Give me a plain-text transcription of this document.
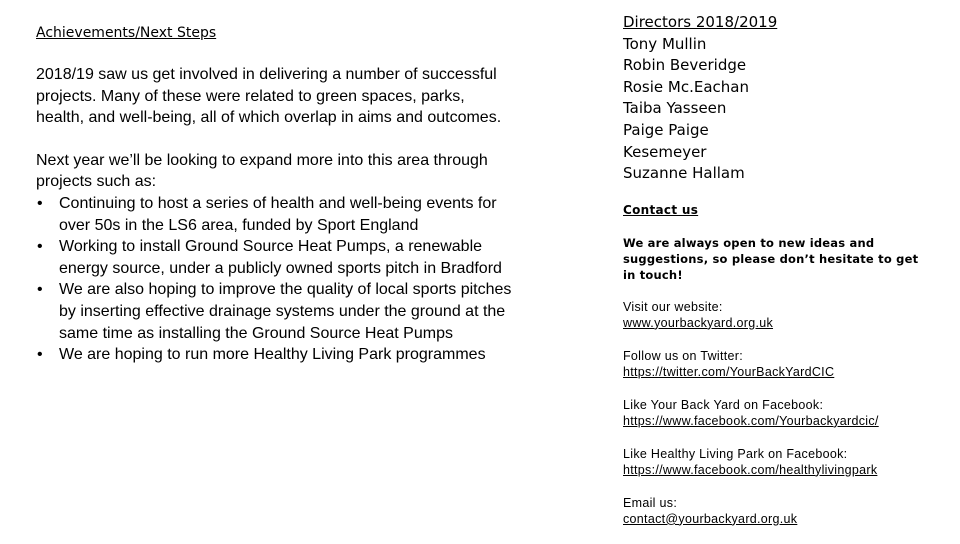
Achievements/Next Steps

2018/19 saw us get involved in delivering a number of successful projects. Many of these were related to green spaces, parks, health, and well-being, all of which overlap in aims and outcomes.

Next year we’ll be looking to expand more into this area through projects such as:

• Continuing to host a series of health and well-being events for over 50s in the LS6 area, funded by Sport England
• Working to install Ground Source Heat Pumps, a renewable energy source, under a publicly owned sports pitch in Bradford
• We are also hoping to improve the quality of local sports pitches by inserting effective drainage systems under the ground at the same time as installing the Ground Source Heat Pumps
• We are hoping to run more Healthy Living Park programmes
Directors 2018/2019
Tony Mullin
Robin Beveridge
Rosie Mc.Eachan
Taiba Yasseen
Paige Paige
Kesemeyer
Suzanne Hallam
Contact us
We are always open to new ideas and suggestions, so please don’t hesitate to get in touch!
Visit our website:
www.yourbackyard.org.uk
Follow us on Twitter:
https://twitter.com/YourBackYardCIC
Like Your Back Yard on Facebook:
https://www.facebook.com/Yourbackyardcic/
Like Healthy Living Park on Facebook:
https://www.facebook.com/healthylivingpark
Email us:
contact@yourbackyard.org.uk
